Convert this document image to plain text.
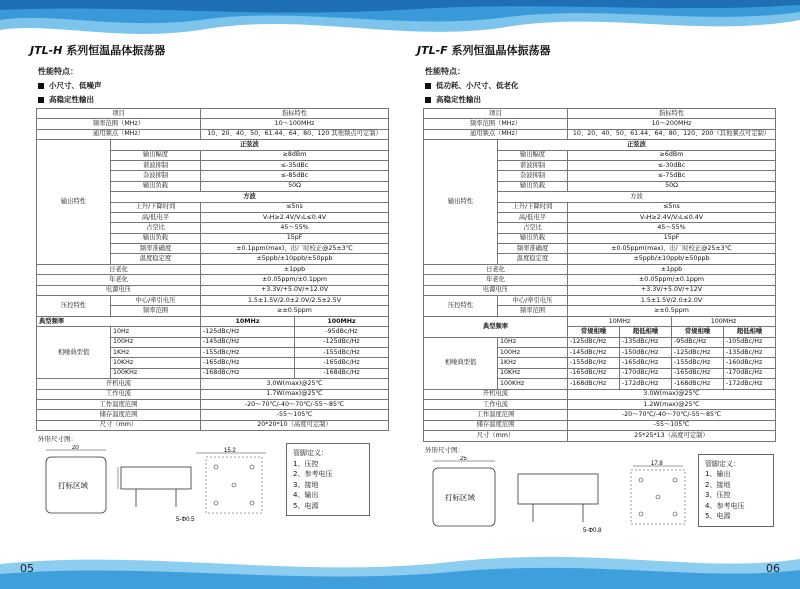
JTL-H 系列恒温晶体振荡器
性能特点：
小尺寸、低噪声
高稳定性输出
项目		指标特性	
频率范围（MHz）		10～100MHz	
通用频点（MHz）		10、20、40、50、61.44、64、80、120 其他频点可定制）	
输出特性	正弦波		
	输出幅度	≥8dBm	
	谐波抑制	≤-35dBc	
	杂波抑制	≤-85dBc	
	输出负载	50Ω	
	方波		
	上升/下降时间	≤5ns	
	高/低电平	V₀H≥2.4V/V₀L≤0.4V	
	占空比	45～55%	
	输出负载	15pF	
	频率准确度	±0.1ppm(max)，出厂时校正@25±3℃	
	温度稳定度	±5ppb/±10ppb/±50ppb	
日老化		±1ppb	
年老化		±0.05ppm/±0.1ppm	
电源电压		+3.3V/+5.0V/+12.0V	
压控特性	中心/牵引电压	1.5±1.5V/2.0±2.0V/2.5±2.5V	
	频率范围	≥±0.5ppm	
典型频率		10MHz	100MHz
相噪典型值	10Hz	-125dBc/Hz	-95dBc/Hz
	100Hz	-145dBc/Hz	-125dBc/Hz
	1KHz	-155dBc/Hz	-155dBc/Hz
	10KHz	-165dBc/Hz	-165dBc/Hz
	100KHz	-168dBc/Hz	-168dBc/Hz
开机电流		3.0W(max)@25℃	
工作电流		1.7W(max)@25℃	
工作温度范围		-20～70℃/-40～70℃/-55～85℃	
储存温度范围		-55～105℃	
尺寸（mm）		20*20*10（高度可定制）	
外形尺寸图：
20
打标区域
15.2
5-Φ0.5
管脚定义：
1、压控
2、参考电压
3、接地
4、输出
5、电源
JTL-F 系列恒温晶体振荡器
性能特点：
低功耗、小尺寸、低老化
高稳定性输出
项目		指标特性			
频率范围（MHz）		10～200MHz			
通用频点（MHz）		10、20、40、50、61.44、64、80、120、200（其他频点可定制）			
输出特性	正弦波				
	输出幅度	≥6dBm			
	谐波抑制	≤-30dBc			
	杂波抑制	≤-75dBc			
	输出负载	50Ω			
	方波				
	上升/下降时间	≤5ns			
	高/低电平	V₀H≥2.4V/V₀L≤0.4V			
	占空比	45～55%			
	输出负载	15pF			
	频率准确度	±0.05ppm(max)，出厂时校正@25±3℃			
	温度稳定度	±5ppb/±10ppb/±50ppb			
日老化		±1ppb			
年老化		±0.05ppm/±0.1ppm			
电源电压		+3.3V/+5.0V/+12V			
压控特性	中心/牵引电压	1.5±1.5V/2.0±2.0V			
	频率范围	≥±0.5ppm			
典型频率		10MHz		100MHz	
		常规相噪	超低相噪	常规相噪	超低相噪
相噪典型值	10Hz	-125dBc/Hz	-135dBc/Hz	-95dBc/Hz	-105dBc/Hz
	100Hz	-145dBc/Hz	-150dBc/Hz	-125dBc/Hz	-135dBc/Hz
	1KHz	-155dBc/Hz	-165dBc/Hz	-155dBc/Hz	-160dBc/Hz
	10KHz	-165dBc/Hz	-170dBc/Hz	-165dBc/Hz	-170dBc/Hz
	100KHz	-168dBc/Hz	-172dBc/Hz	-168dBc/Hz	-172dBc/Hz
开机电流		3.0W(max)@25℃			
工作电流		1.2W(max)@25℃			
工作温度范围		-20～70℃/-40～70℃/-55～85℃			
储存温度范围		-55～105℃			
尺寸（mm）		25*25*13（高度可定制）			
外形尺寸图：
25
打标区域
17.8
5-Φ0.8
管脚定义：
1、输出
2、接地
3、压控
4、参考电压
5、电源
05	06
